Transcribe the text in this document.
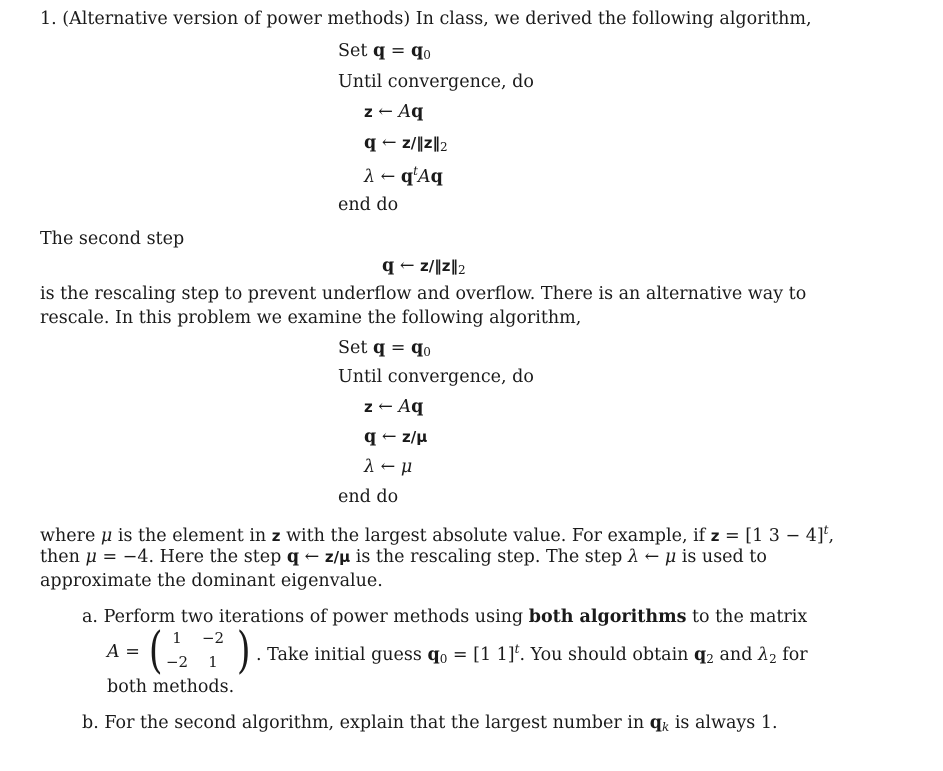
1. (Alternative version of power methods) In class, we derived the following algorithm,
Set $q = q_0$
Until convergence, do
z ← Aq
q ← $z/‖z‖_2$
λ ← $q^tAq$
end do
The second step
q ← $z/‖z‖_2$
is the rescaling step to prevent underflow and overflow. There is an alternative way to
rescale. In this problem we examine the following algorithm,
Set $q = q_0$
Until convergence, do
z ← Aq
q ← z/μ
λ ← μ
end do
where μ is the element in z with the largest absolute value. For example, if z = [1 3 − 4]$^t$,
then μ = −4. Here the step q ← z/μ is the rescaling step. The step λ ← μ is used to
approximate the dominant eigenvalue.
a. Perform two iterations of power methods using both algorithms to the matrix
A = ( 1	−2
−2	1 ) . Take initial guess $q_0 = [1$ 1]$^t$. You should obtain $q_2$ and $\lambda_2$ for
both methods.
b. For the second algorithm, explain that the largest number in $q_k$ is always 1.
